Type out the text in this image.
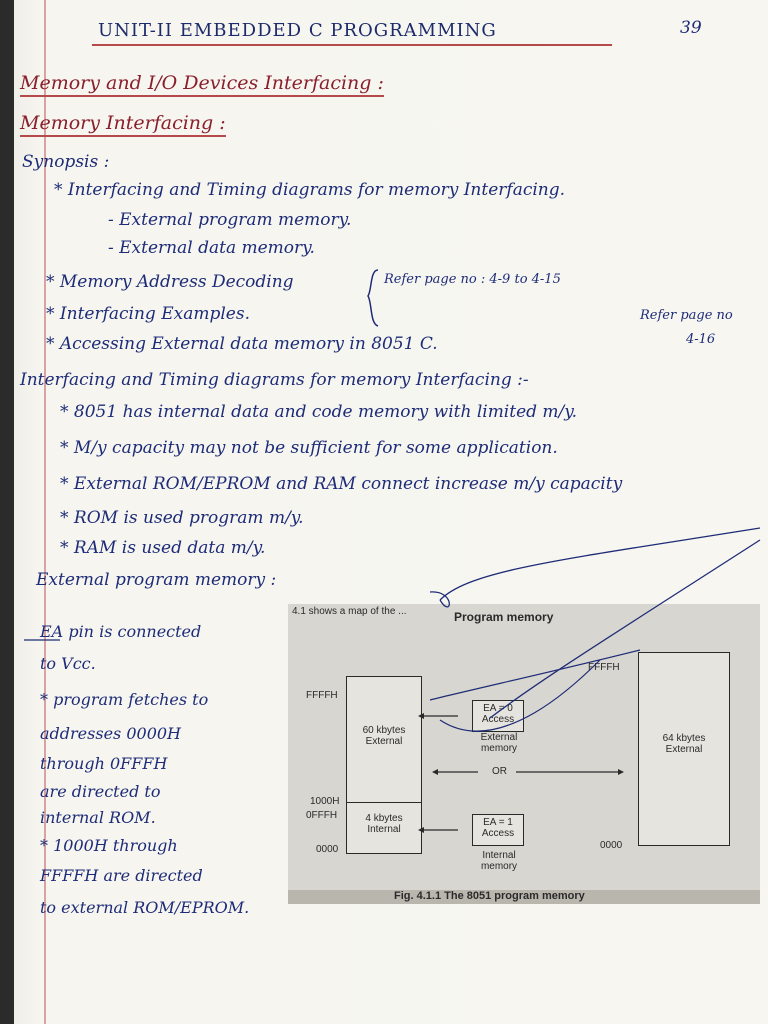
UNIT-II EMBEDDED C PROGRAMMING	39
Memory and I/O Devices Interfacing :
Memory Interfacing :
Synopsis :
* Interfacing and Timing diagrams for memory Interfacing.
- External program memory.
- External data memory.
* Memory Address Decoding	Refer page no : 4-9 to 4-15
* Interfacing Examples.
* Accessing External data memory in 8051 C.
Refer page no
4-16
Interfacing and Timing diagrams for memory Interfacing :-
* 8051 has internal data and code memory with limited m/y.
* M/y capacity may not be sufficient for some application.
* External ROM/EPROM and RAM connect increase m/y capacity
* ROM is used program m/y.
* RAM is used data m/y.
External program memory :
EA pin is connected
to Vcc.
* program fetches to
addresses 0000H
through 0FFFH
are directed to
internal ROM.
* 1000H through
FFFFH are directed
to external ROM/EPROM.
4.1 shows a map of the ...	Program memory
FFFFH
1000H
0FFFH
0000
60 kbytes External
4 kbytes Internal
EA = 0 Access
External memory
OR
EA = 1 Access
Internal memory
FFFFH
64 kbytes External
0000
Fig. 4.1.1 The 8051 program memory
